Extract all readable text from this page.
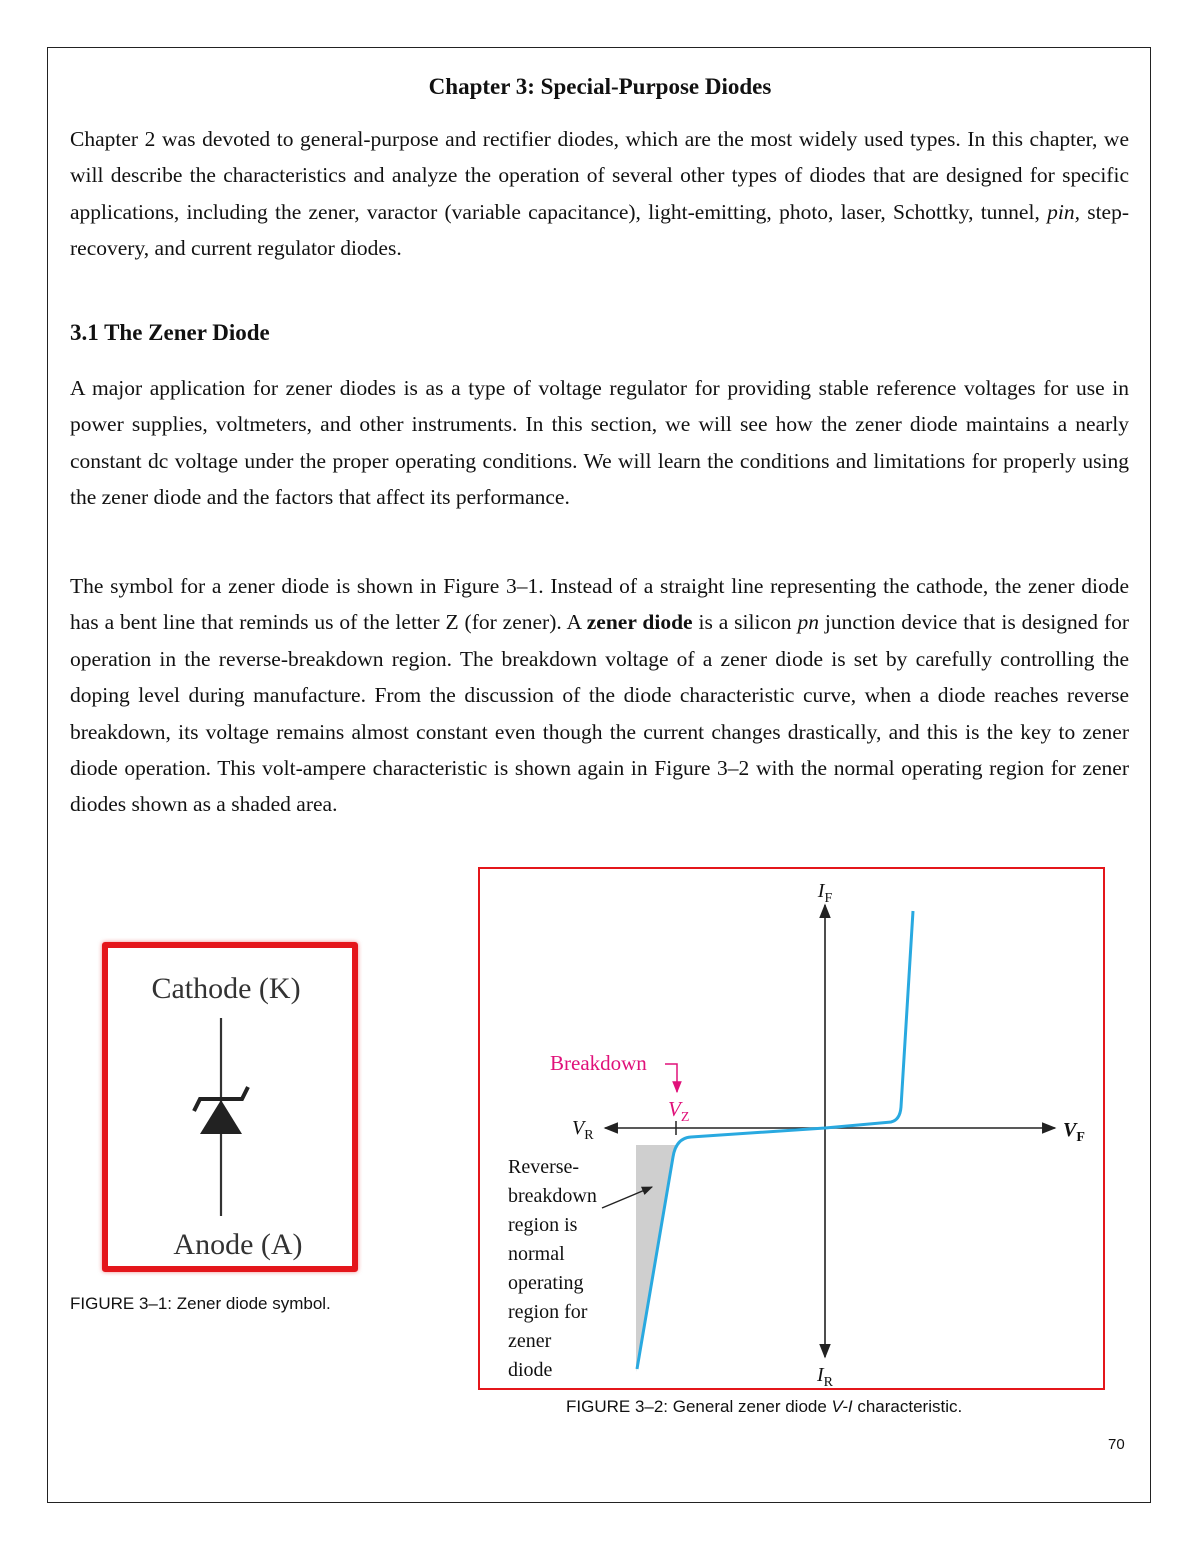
Chapter 3: Special-Purpose Diodes

Chapter 2 was devoted to general-purpose and rectifier diodes, which are the most widely used types. In this chapter, we will describe the characteristics and analyze the operation of several other types of diodes that are designed for specific applications, including the zener, varactor (variable capacitance), light-emitting, photo, laser, Schottky, tunnel, pin, step-recovery, and current regulator diodes.

3.1 The Zener Diode

A major application for zener diodes is as a type of voltage regulator for providing stable reference voltages for use in power supplies, voltmeters, and other instruments. In this section, we will see how the zener diode maintains a nearly constant dc voltage under the proper operating conditions. We will learn the conditions and limitations for properly using the zener diode and the factors that affect its performance.

The symbol for a zener diode is shown in Figure 3–1. Instead of a straight line representing the cathode, the zener diode has a bent line that reminds us of the letter Z (for zener). A zener diode is a silicon pn junction device that is designed for operation in the reverse-breakdown region. The breakdown voltage of a zener diode is set by carefully controlling the doping level during manufacture. From the discussion of the diode characteristic curve, when a diode reaches reverse breakdown, its voltage remains almost constant even though the current changes drastically, and this is the key to zener diode operation. This volt-ampere characteristic is shown again in Figure 3–2 with the normal operating region for zener diodes shown as a shaded area.

Cathode (K)
Anode (A)
FIGURE 3–1: Zener diode symbol.
$I_F$
$I_R$
$V_R$	$V_F$
Breakdown
$V_Z$
Reverse- breakdown region is normal operating region for zener diode
FIGURE 3–2: General zener diode V-I characteristic.
70
